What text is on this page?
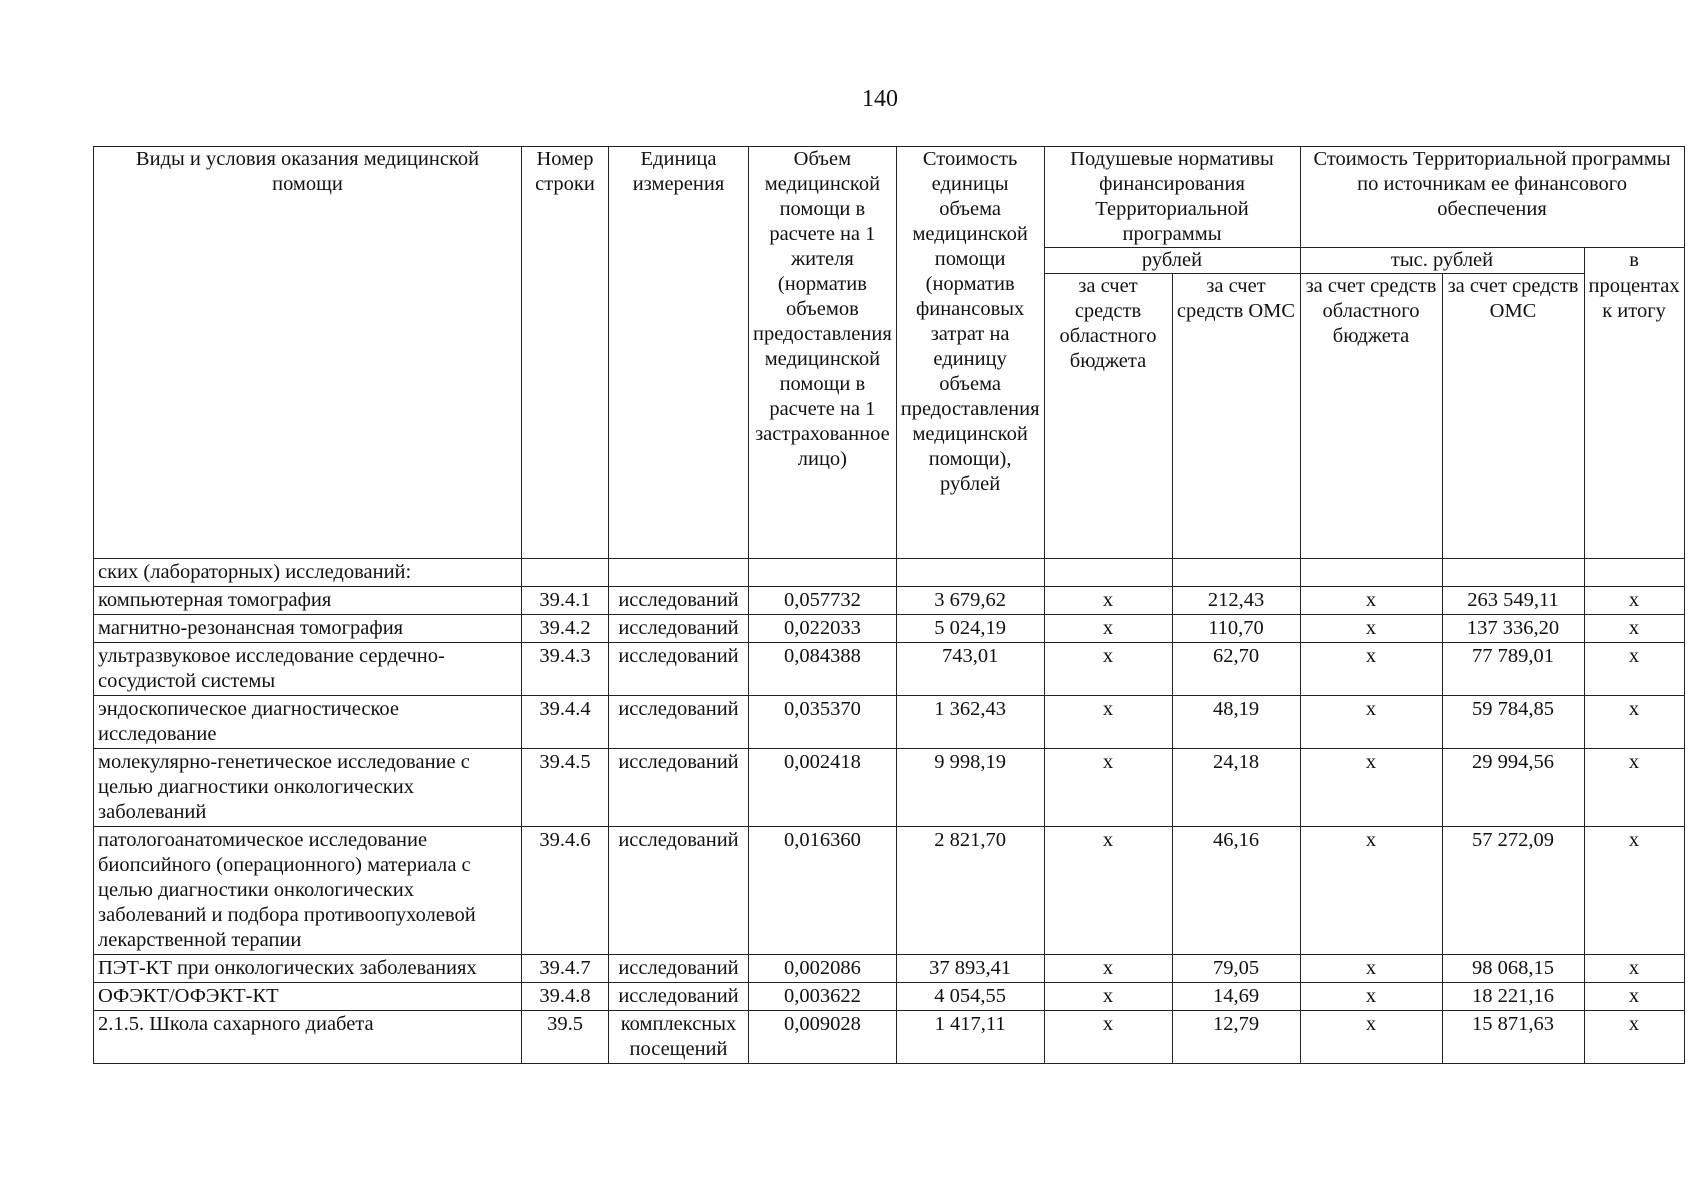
140
Виды и условия оказания медицинской помощи	Номер строки	Единица измерения	Объем медицинской помощи в расчете на 1 жителя (норматив объемов предоставления медицинской помощи в расчете на 1 застрахованное лицо)	Стоимость единицы объема медицинской помощи (норматив финансовых затрат на единицу объема предоставления медицинской помощи), рублей	Подушевые нормативы финансирования Территориальной программы		Стоимость Территориальной программы по источникам ее финансового обеспечения		
					рублей		тыс. рублей		в
					за счет средств областного бюджета	за счет средств ОМС	за счет средств областного бюджета	за счет средств ОМС	процентах к итогу
ских (лабораторных) исследований:									
компьютерная томография	39.4.1	исследований	0,057732	3 679,62	x	212,43	x	263 549,11	x
магнитно-резонансная томография	39.4.2	исследований	0,022033	5 024,19	x	110,70	x	137 336,20	x
ультразвуковое исследование сердечно-сосудистой системы	39.4.3	исследований	0,084388	743,01	x	62,70	x	77 789,01	x
эндоскопическое диагностическое исследование	39.4.4	исследований	0,035370	1 362,43	x	48,19	x	59 784,85	x
молекулярно-генетическое исследование с целью диагностики онкологических заболеваний	39.4.5	исследований	0,002418	9 998,19	x	24,18	x	29 994,56	x
патологоанатомическое исследование биопсийного (операционного) материала с целью диагностики онкологических заболеваний и подбора противоопухолевой лекарственной терапии	39.4.6	исследований	0,016360	2 821,70	x	46,16	x	57 272,09	x
ПЭТ-КТ при онкологических заболеваниях	39.4.7	исследований	0,002086	37 893,41	x	79,05	x	98 068,15	x
ОФЭКТ/ОФЭКТ-КТ	39.4.8	исследований	0,003622	4 054,55	x	14,69	x	18 221,16	x
2.1.5. Школа сахарного диабета	39.5	комплексных посещений	0,009028	1 417,11	x	12,79	x	15 871,63	x
